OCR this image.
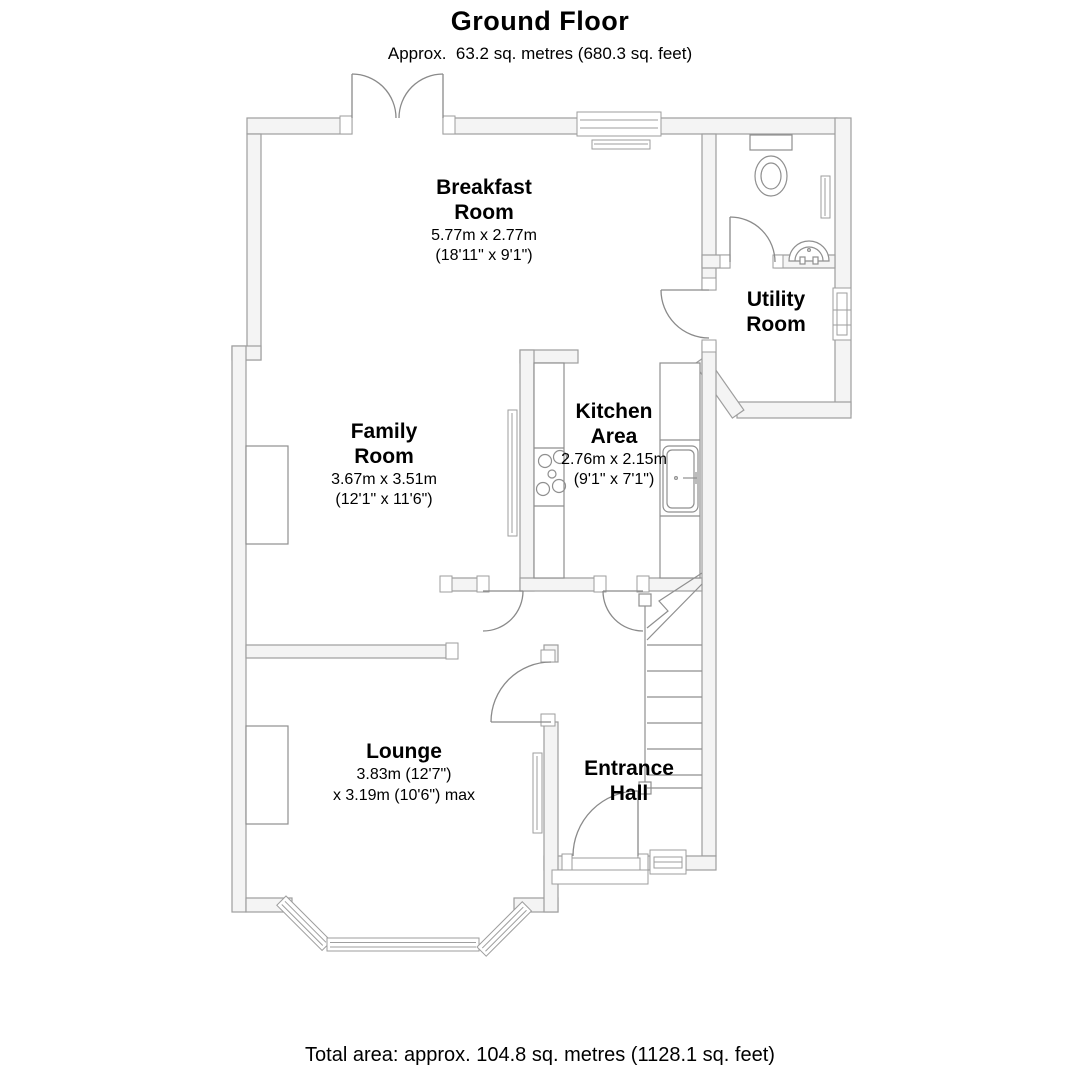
Ground Floor
Approx.  63.2 sq. metres (680.3 sq. feet)
Breakfast Room
5.77m x 2.77m
(18'11" x 9'1")
Family Room
3.67m x 3.51m
(12'1" x 11'6")
Kitchen Area
2.76m x 2.15m
(9'1" x 7'1")
Utility Room
Lounge
3.83m (12'7")
x 3.19m (10'6") max
Entrance Hall
Total area: approx. 104.8 sq. metres (1128.1 sq. feet)
